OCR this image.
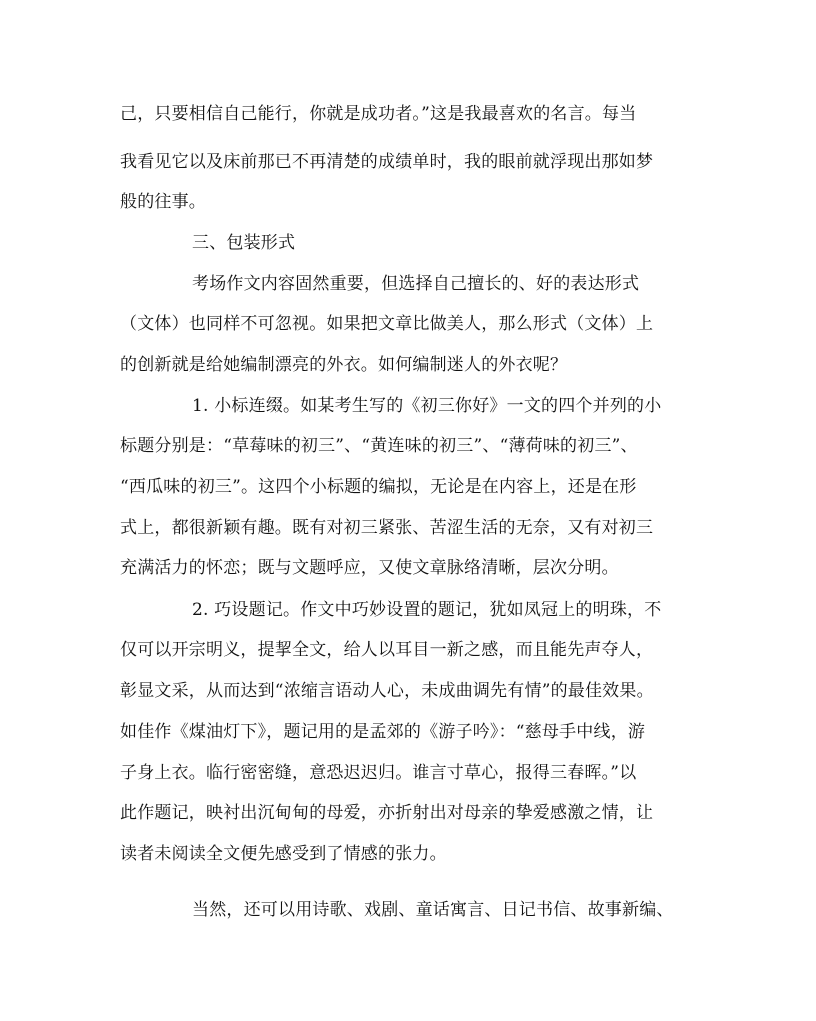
己，只要相信自己能行，你就是成功者。”这是我最喜欢的名言。每当
我看见它以及床前那已不再清楚的成绩单时，我的眼前就浮现出那如梦
般的往事。
三、包装形式
考场作文内容固然重要，但选择自己擅长的、好的表达形式
（文体）也同样不可忽视。如果把文章比做美人，那么形式（文体）上
的创新就是给她编制漂亮的外衣。如何编制迷人的外衣呢？
1. 小标连缀。如某考生写的《初三你好》一文的四个并列的小
标题分别是：“草莓味的初三”、“黄连味的初三”、“薄荷味的初三”、
“西瓜味的初三”。这四个小标题的编拟，无论是在内容上，还是在形
式上，都很新颖有趣。既有对初三紧张、苦涩生活的无奈，又有对初三
充满活力的怀恋；既与文题呼应，又使文章脉络清晰，层次分明。
2. 巧设题记。作文中巧妙设置的题记，犹如凤冠上的明珠，不
仅可以开宗明义，提挈全文，给人以耳目一新之感，而且能先声夺人，
彰显文采，从而达到“浓缩言语动人心，未成曲调先有情”的最佳效果。
如佳作《煤油灯下》，题记用的是孟郊的《游子吟》：“慈母手中线，游
子身上衣。临行密密缝，意恐迟迟归。谁言寸草心，报得三春晖。”以
此作题记，映衬出沉甸甸的母爱，亦折射出对母亲的挚爱感激之情，让
读者未阅读全文便先感受到了情感的张力。
当然，还可以用诗歌、戏剧、童话寓言、日记书信、故事新编、
